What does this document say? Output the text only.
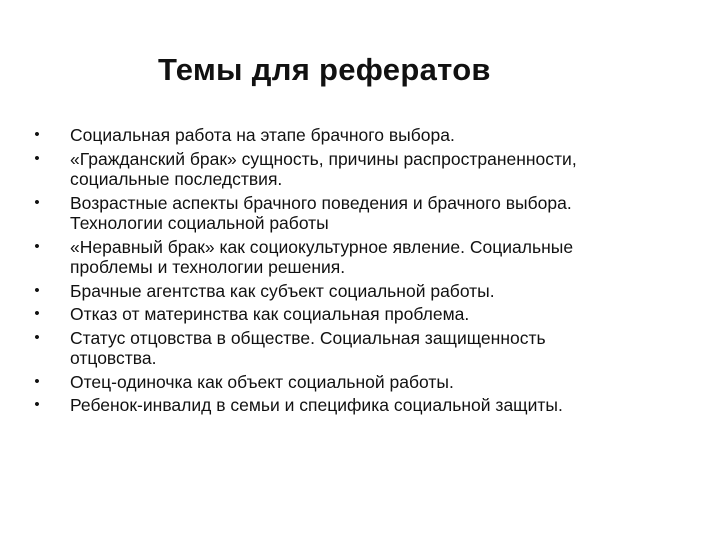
Темы для рефератов
• Социальная работа на этапе брачного выбора.
• «Гражданский брак» сущность, причины распространенности,
социальные последствия.
• Возрастные аспекты брачного поведения и брачного выбора.
Технологии социальной работы
• «Неравный брак» как социокультурное явление. Социальные
проблемы и технологии решения.
• Брачные агентства как субъект социальной работы.
• Отказ от материнства как социальная проблема.
• Статус отцовства в обществе. Социальная защищенность
отцовства.
• Отец-одиночка как объект социальной работы.
• Ребенок-инвалид в семьи и специфика социальной защиты.
